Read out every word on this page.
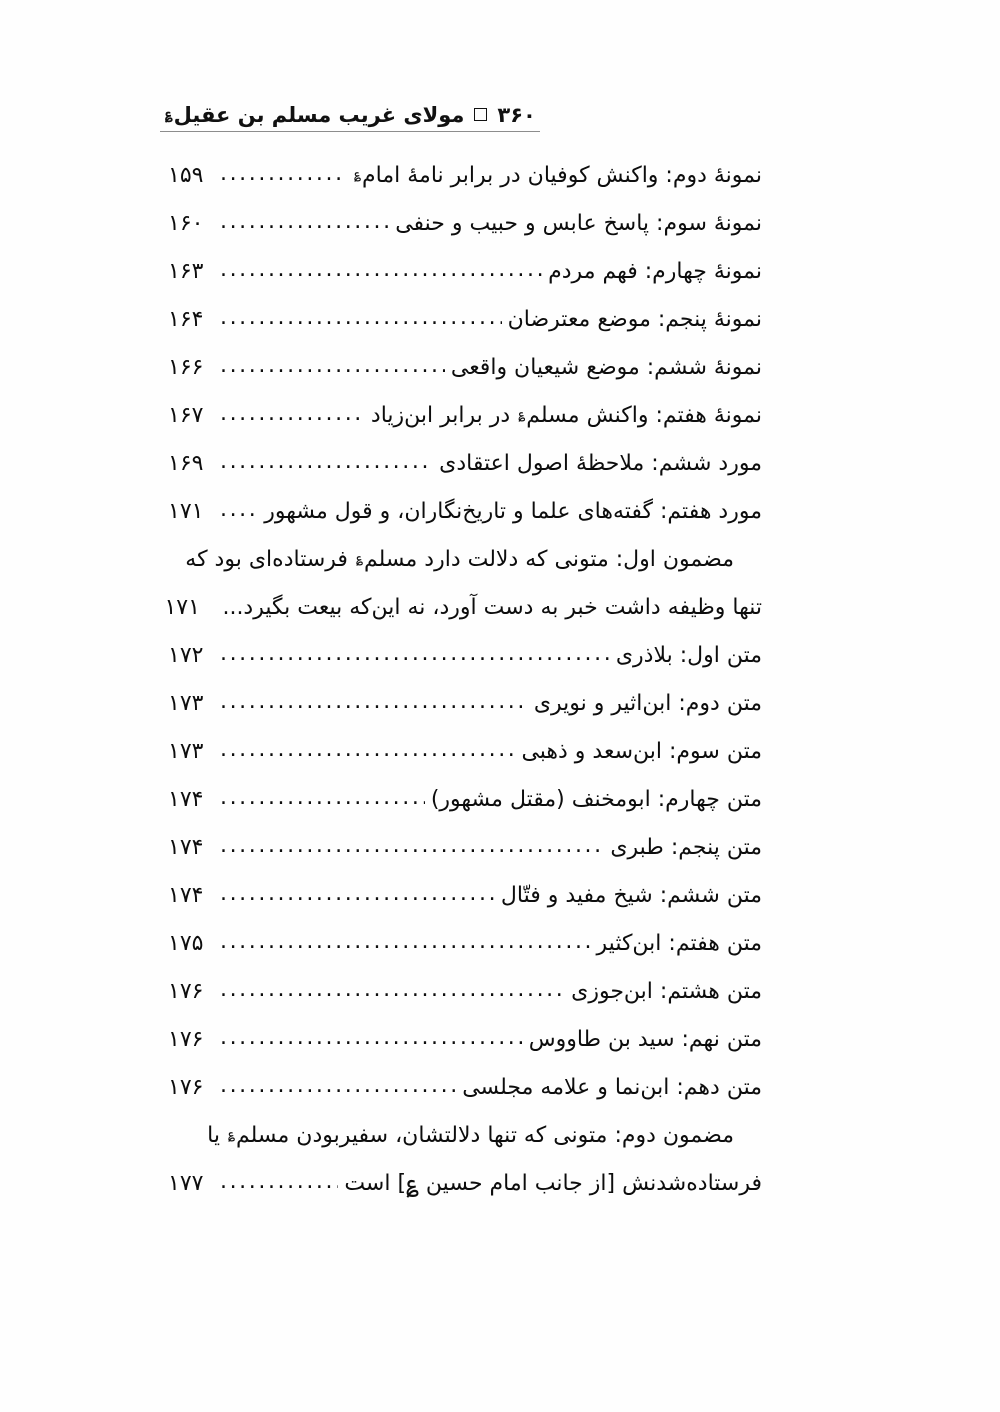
۳۶۰
مولای غریب مسلم بن عقیل؏
نمونهٔ دوم: واکنش کوفیان در برابر نامهٔ امام؏
.....
۱۵۹
نمونهٔ سوم: پاسخ عابس و حبیب و حنفی
.....
۱۶۰
نمونهٔ چهارم: فهم مردم
.....
۱۶۳
نمونهٔ پنجم: موضع معترضان
.....
۱۶۴
نمونهٔ ششم: موضع شیعیان واقعی
.....
۱۶۶
نمونهٔ هفتم: واکنش مسلم؏ در برابر ابن‌زیاد
.....
۱۶۷
مورد ششم: ملاحظهٔ اصول اعتقادی
.....
۱۶۹
مورد هفتم: گفته‌های علما و تاریخ‌نگاران، و قول مشهور
.....
۱۷۱
مضمون اول: متونی که دلالت دارد مسلم؏ فرستاده‌ای بود که
تنها وظیفه داشت خبر به دست آورد، نه این‌که بیعت بگیرد...
۱۷۱
متن اول: بلاذری
.....
۱۷۲
متن دوم: ابن‌اثیر و نویری
.....
۱۷۳
متن سوم: ابن‌سعد و ذهبی
.....
۱۷۳
متن چهارم: ابومخنف (مقتل مشهور)
.....
۱۷۴
متن پنجم: طبری
.....
۱۷۴
متن ششم: شیخ مفید و فتّال
.....
۱۷۴
متن هفتم: ابن‌کثیر
.....
۱۷۵
متن هشتم: ابن‌جوزی
.....
۱۷۶
متن نهم: سید بن طاووس
.....
۱۷۶
متن دهم: ابن‌نما و علامه مجلسی
.....
۱۷۶
مضمون دوم: متونی که تنها دلالتشان، سفیربودن مسلم؏ یا
فرستاده‌شدنش [از جانب امام حسین ؏] است
.....
۱۷۷
